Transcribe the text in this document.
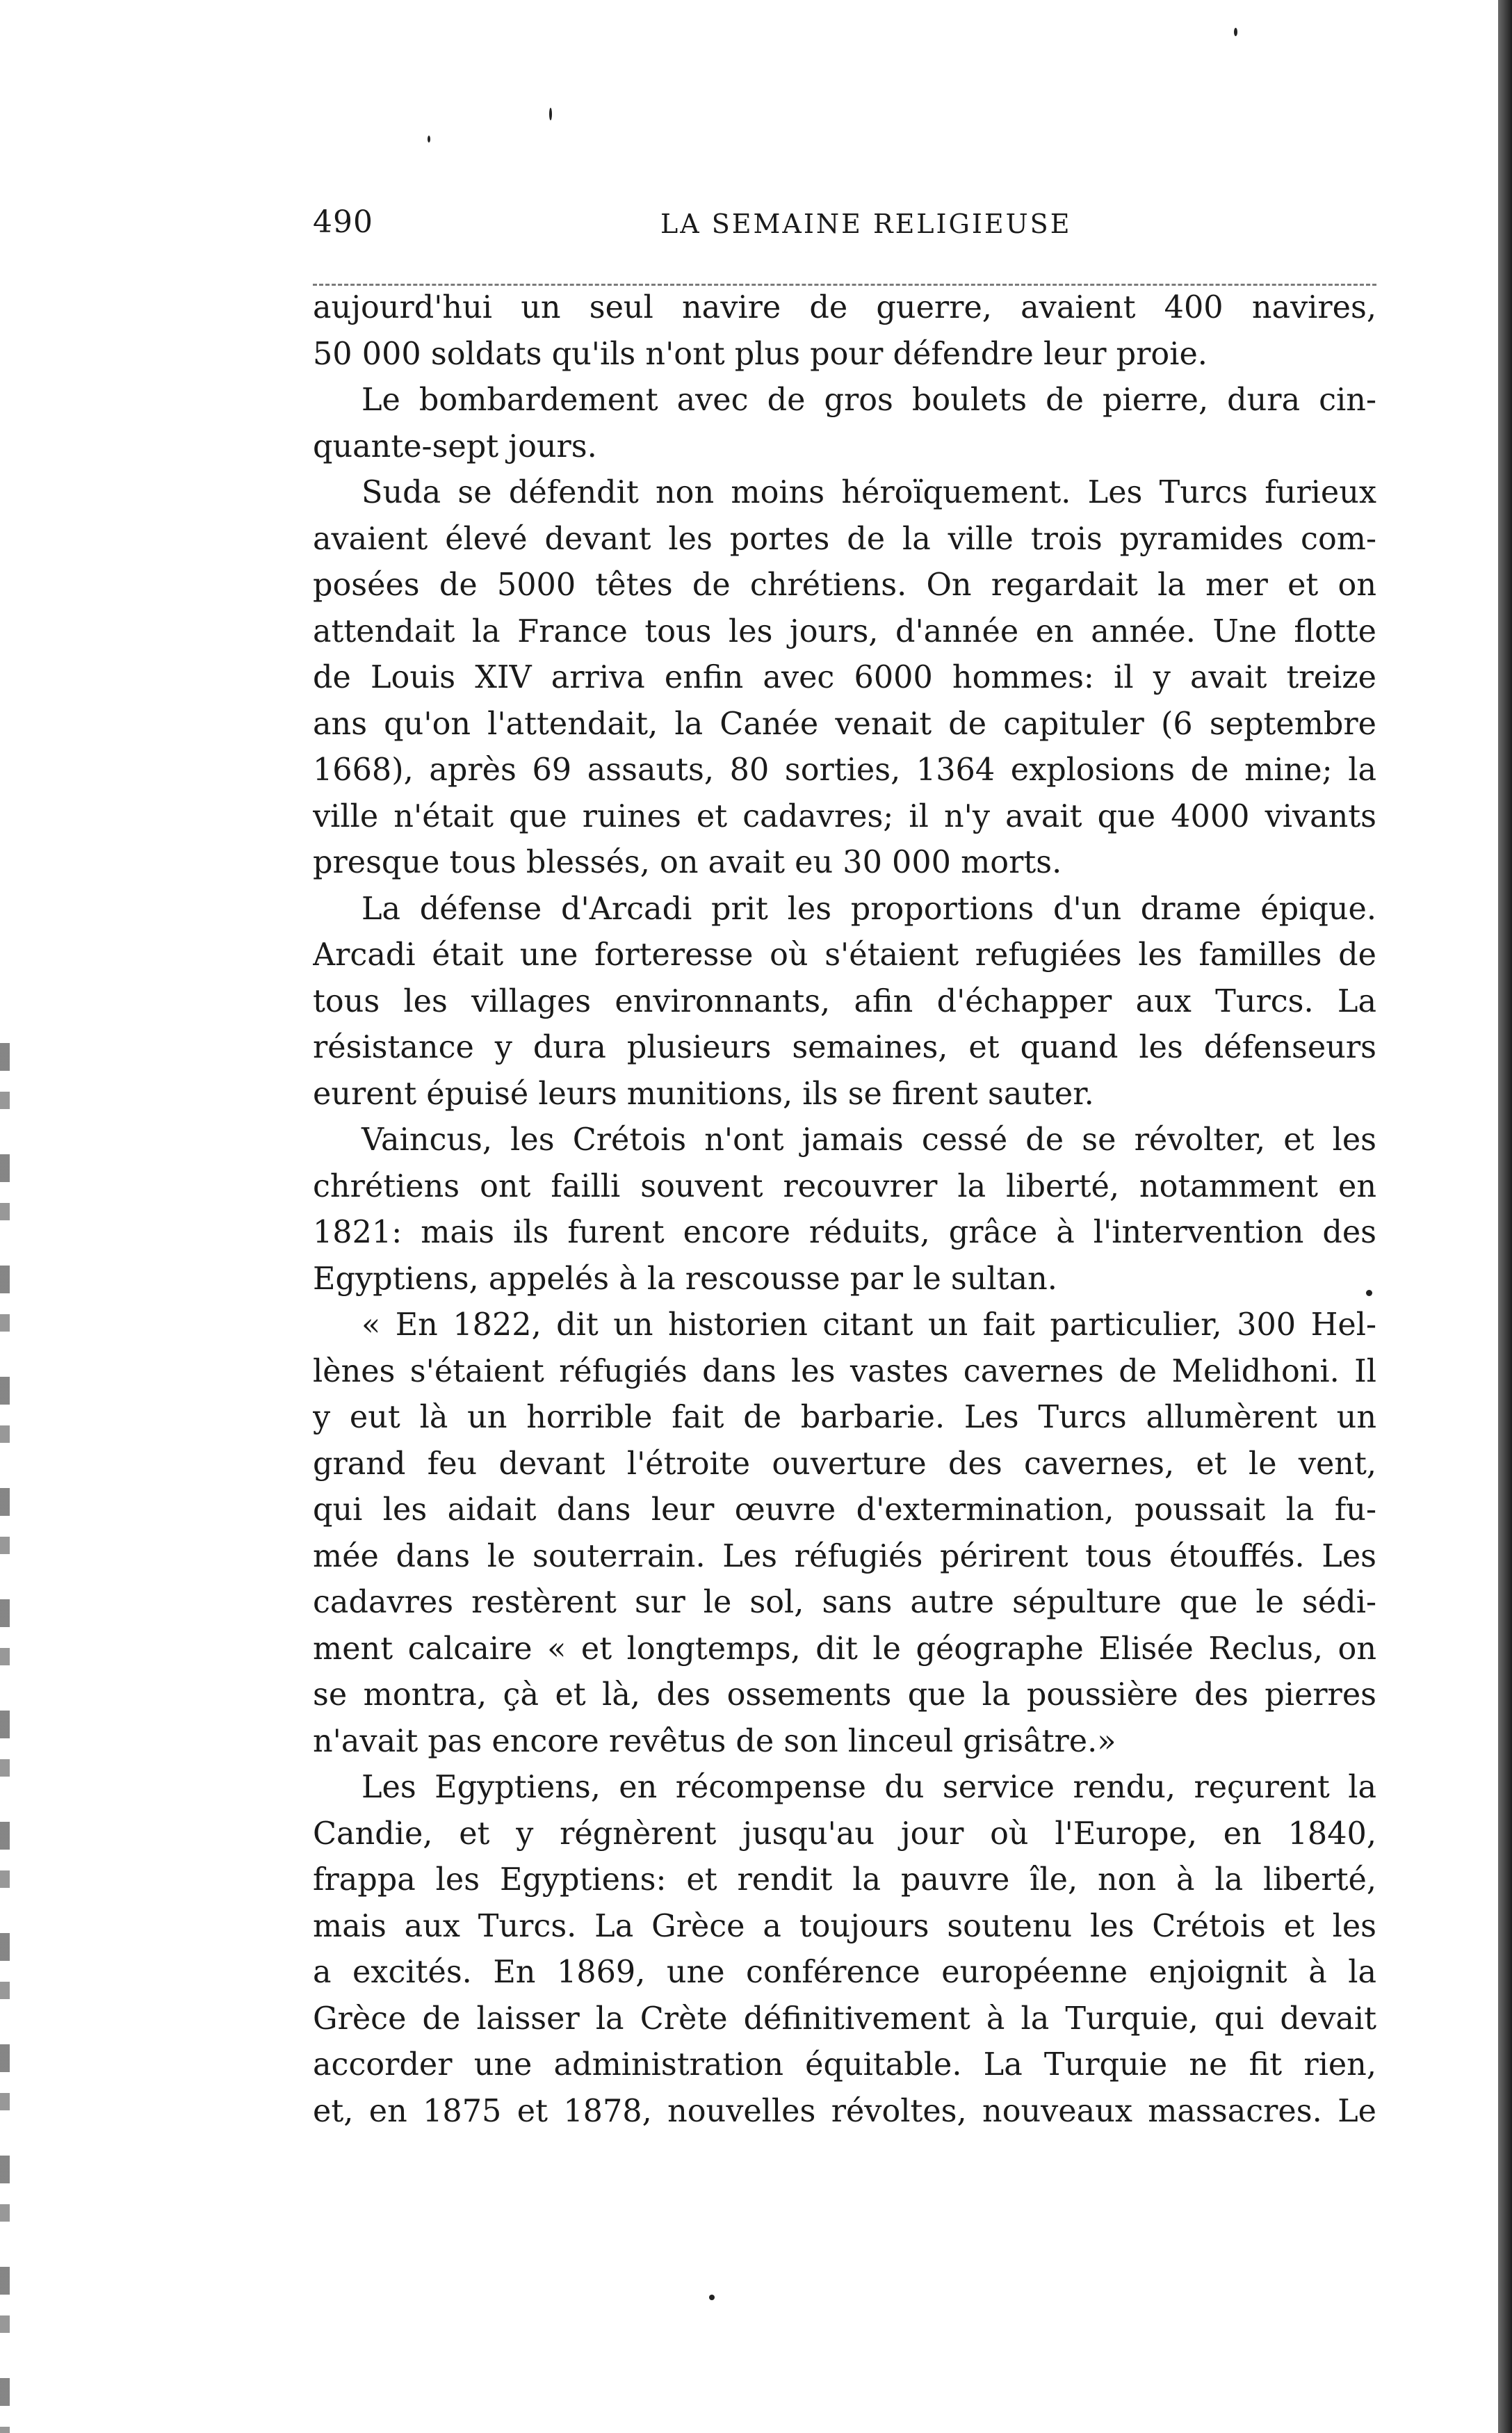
490	LA SEMAINE RELIGIEUSE
aujourd'hui un seul navire de guerre, avaient 400 navires,
50 000 soldats qu'ils n'ont plus pour défendre leur proie.
Le bombardement avec de gros boulets de pierre, dura cin-
quante-sept jours.
Suda se défendit non moins héroïquement. Les Turcs furieux
avaient élevé devant les portes de la ville trois pyramides com-
posées de 5000 têtes de chrétiens. On regardait la mer et on
attendait la France tous les jours, d'année en année. Une flotte
de Louis XIV arriva enfin avec 6000 hommes: il y avait treize
ans qu'on l'attendait, la Canée venait de capituler (6 septembre
1668), après 69 assauts, 80 sorties, 1364 explosions de mine; la
ville n'était que ruines et cadavres; il n'y avait que 4000 vivants
presque tous blessés, on avait eu 30 000 morts.
La défense d'Arcadi prit les proportions d'un drame épique.
Arcadi était une forteresse où s'étaient refugiées les familles de
tous les villages environnants, afin d'échapper aux Turcs. La
résistance y dura plusieurs semaines, et quand les défenseurs
eurent épuisé leurs munitions, ils se firent sauter.
Vaincus, les Crétois n'ont jamais cessé de se révolter, et les
chrétiens ont failli souvent recouvrer la liberté, notamment en
1821: mais ils furent encore réduits, grâce à l'intervention des
Egyptiens, appelés à la rescousse par le sultan.
« En 1822, dit un historien citant un fait particulier, 300 Hel-
lènes s'étaient réfugiés dans les vastes cavernes de Melidhoni. Il
y eut là un horrible fait de barbarie. Les Turcs allumèrent un
grand feu devant l'étroite ouverture des cavernes, et le vent,
qui les aidait dans leur œuvre d'extermination, poussait la fu-
mée dans le souterrain. Les réfugiés périrent tous étouffés. Les
cadavres restèrent sur le sol, sans autre sépulture que le sédi-
ment calcaire « et longtemps, dit le géographe Elisée Reclus, on
se montra, çà et là, des ossements que la poussière des pierres
n'avait pas encore revêtus de son linceul grisâtre.»
Les Egyptiens, en récompense du service rendu, reçurent la
Candie, et y régnèrent jusqu'au jour où l'Europe, en 1840,
frappa les Egyptiens: et rendit la pauvre île, non à la liberté,
mais aux Turcs. La Grèce a toujours soutenu les Crétois et les
a excités. En 1869, une conférence européenne enjoignit à la
Grèce de laisser la Crète définitivement à la Turquie, qui devait
accorder une administration équitable. La Turquie ne fit rien,
et, en 1875 et 1878, nouvelles révoltes, nouveaux massacres. Le
